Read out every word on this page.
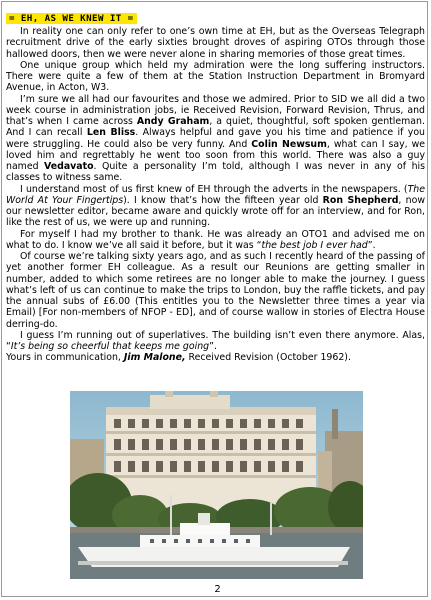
= EH, AS WE KNEW IT =

In reality one can only refer to one’s own time at EH, but as the Overseas Telegraph recruitment drive of the early sixties brought droves of aspiring OTOs through those hallowed doors, then we were never alone in sharing memories of those great times.

One unique group which held my admiration were the long suffering instructors. There were quite a few of them at the Station Instruction Department in Bromyard Avenue, in Acton, W3.

I’m sure we all had our favourites and those we admired. Prior to SID we all did a two week course in administration jobs, ie Received Revision, Forward Revision, Thrus, and that’s when I came across Andy Graham, a quiet, thoughtful, soft spoken gentleman. And I can recall Len Bliss. Always helpful and gave you his time and patience if you were struggling. He could also be very funny. And Colin Newsum, what can I say, we loved him and regrettably he went too soon from this world. There was also a guy named Vedavato. Quite a personality I’m told, although I was never in any of his classes to witness same.

I understand most of us first knew of EH through the adverts in the newspapers. (The World At Your Fingertips). I know that’s how the fifteen year old Ron Shepherd, now our newsletter editor, became aware and quickly wrote off for an interview, and for Ron, like the rest of us, we were up and running.

For myself I had my brother to thank. He was already an OTO1 and advised me on what to do. I know we’ve all said it before, but it was “the best job I ever had”.

Of course we’re talking sixty years ago, and as such I recently heard of the passing of yet another former EH colleague. As a result our Reunions are getting smaller in number, added to which some retirees are no longer able to make the journey. I guess what’s left of us can continue to make the trips to London, buy the raffle tickets, and pay the annual subs of £6.00 (This entitles you to the Newsletter three times a year via Email) [For non-members of NFOP - ED], and of course wallow in stories of Electra House derring-do.

I guess I’m running out of superlatives. The building isn’t even there anymore. Alas, “It’s being so cheerful that keeps me going”.

Yours in communication, Jim Malone, Received Revision (October 1962).

2
